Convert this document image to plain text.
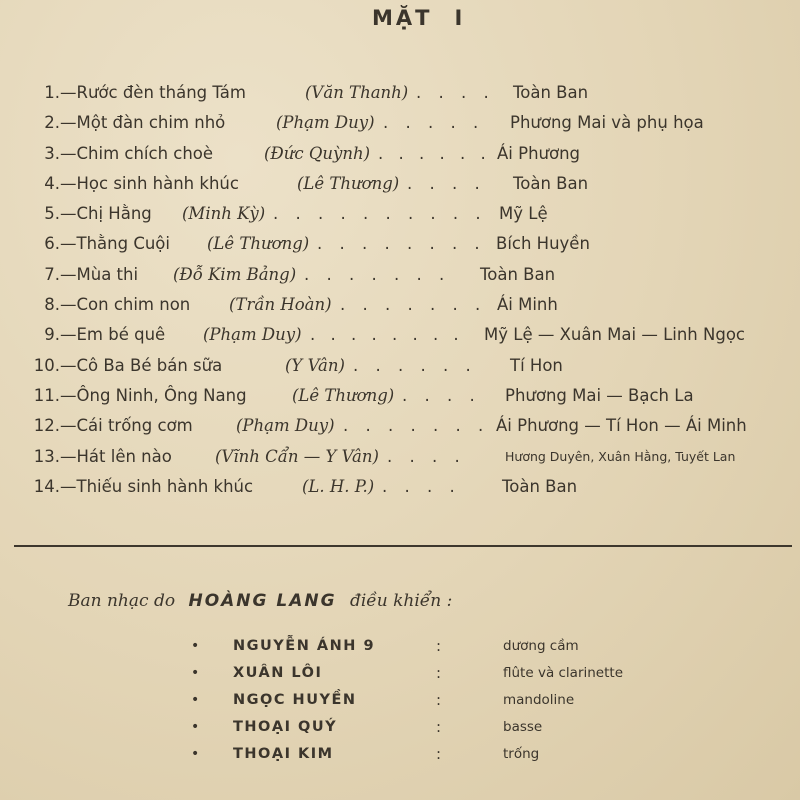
MẶT I
1. —Rước đèn tháng Tám	(Văn Thanh) . . . . Toàn Ban
2. —Một đàn chim nhỏ	(Phạm Duy) . . . . . Phương Mai và phụ họa
3. —Chim chích choè	(Đức Quỳnh) . . . . . . Ái Phương
4. —Học sinh hành khúc	(Lê Thương) . . . . Toàn Ban
5. —Chị Hằng (Minh Kỳ) . . . . . . . . . . Mỹ Lệ
6. —Thằng Cuội (Lê Thương) . . . . . . . . Bích Huyền
7. —Mùa thi (Đỗ Kim Bảng) . . . . . . . Toàn Ban
8. —Con chim non (Trần Hoàn) . . . . . . . Ái Minh
9. —Em bé quê (Phạm Duy) . . . . . . . . Mỹ Lệ — Xuân Mai — Linh Ngọc
10. —Cô Ba Bé bán sữa	(Y Vân) . . . . . . Tí Hon
11. —Ông Ninh, Ông Nang	(Lê Thương) . . . . Phương Mai — Bạch La
12. —Cái trống cơm	(Phạm Duy) . . . . . . . Ái Phương — Tí Hon — Ái Minh
13. —Hát lên nào	(Vĩnh Cẩn — Y Vân) . . . .	Hương Duyên, Xuân Hằng, Tuyết Lan
14. —Thiếu sinh hành khúc	(L. H. P.) . . . .	Toàn Ban
Ban nhạc do HOÀNG LANG điều khiển :
• NGUYỄN ÁNH 9	:	dương cầm
• XUÂN LÔI	:	flûte và clarinette
• NGỌC HUYỀN	:	mandoline
• THOẠI QUÝ	:	basse
• THOẠI KIM	:	trống
